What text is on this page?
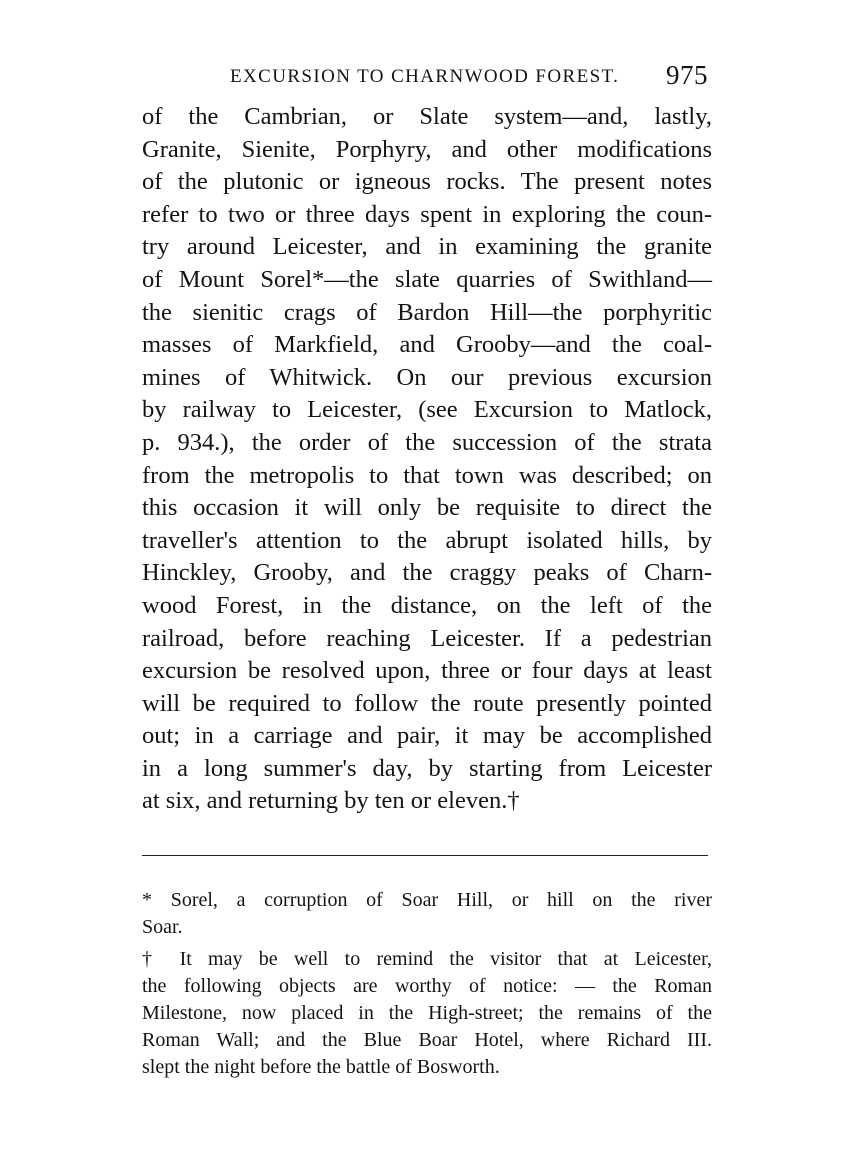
EXCURSION TO CHARNWOOD FOREST. 975
of the Cambrian, or Slate system—and, lastly,
Granite, Sienite, Porphyry, and other modifications
of the plutonic or igneous rocks. The present notes
refer to two or three days spent in exploring the coun-
try around Leicester, and in examining the granite
of Mount Sorel*—the slate quarries of Swithland—
the sienitic crags of Bardon Hill—the porphyritic
masses of Markfield, and Grooby—and the coal-
mines of Whitwick. On our previous excursion
by railway to Leicester, (see Excursion to Matlock,
p. 934.), the order of the succession of the strata
from the metropolis to that town was described; on
this occasion it will only be requisite to direct the
traveller's attention to the abrupt isolated hills, by
Hinckley, Grooby, and the craggy peaks of Charn-
wood Forest, in the distance, on the left of the
railroad, before reaching Leicester. If a pedestrian
excursion be resolved upon, three or four days at least
will be required to follow the route presently pointed
out; in a carriage and pair, it may be accomplished
in a long summer's day, by starting from Leicester
at six, and returning by ten or eleven.†
* Sorel, a corruption of Soar Hill, or hill on the river
Soar.
† It may be well to remind the visitor that at Leicester,
the following objects are worthy of notice: — the Roman
Milestone, now placed in the High-street; the remains of the
Roman Wall; and the Blue Boar Hotel, where Richard III.
slept the night before the battle of Bosworth.
